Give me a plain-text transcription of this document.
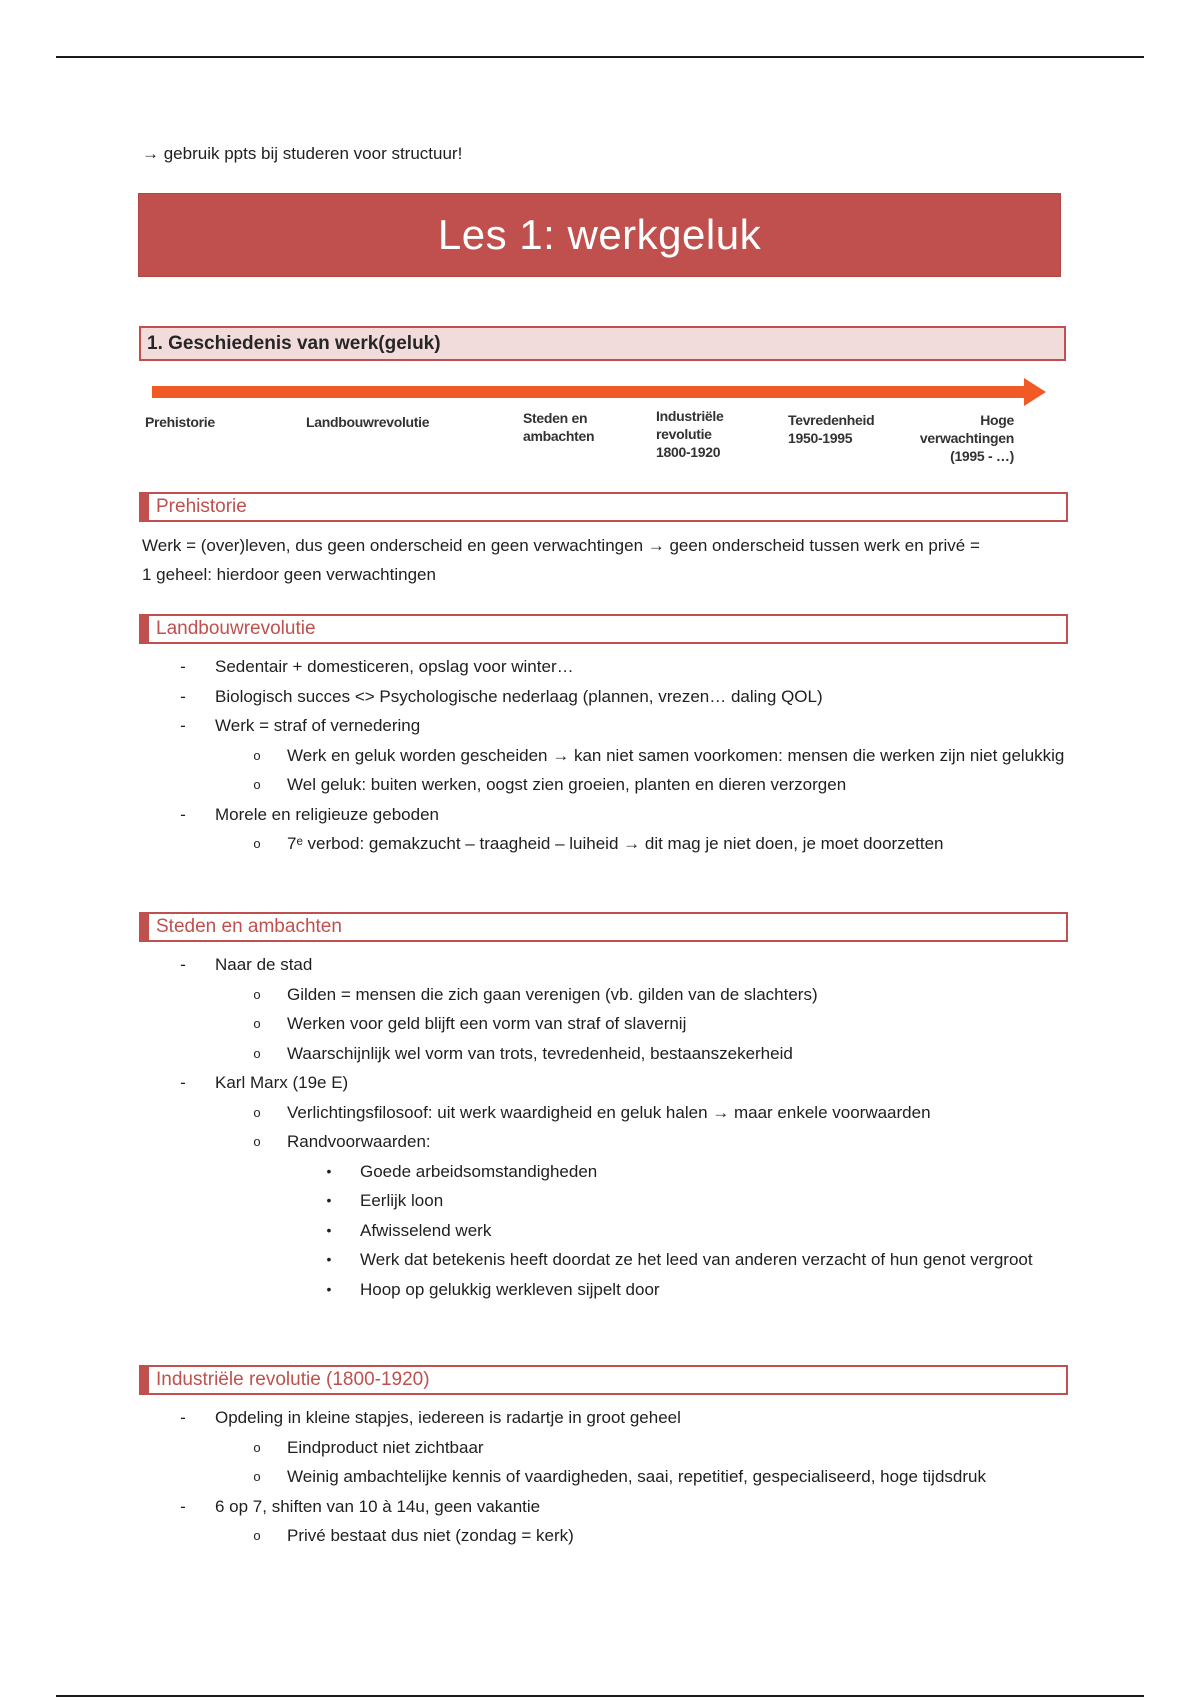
→ gebruik ppts bij studeren voor structuur!
Les 1: werkgeluk
1. Geschiedenis van werk(geluk)
Prehistorie	Landbouwrevolutie	Steden en
ambachten
Industriële
revolutie
1800-1920
Tevredenheid
1950-1995
Hoge
verwachtingen
(1995 - …)
Prehistorie
Werk = (over)leven, dus geen onderscheid en geen verwachtingen → geen onderscheid tussen werk en privé =
1 geheel: hierdoor geen verwachtingen
Landbouwrevolutie
-	Sedentair + domesticeren, opslag voor winter…
-	Biologisch succes <> Psychologische nederlaag (plannen, vrezen… daling QOL)
-	Werk = straf of vernedering
o	Werk en geluk worden gescheiden → kan niet samen voorkomen: mensen die werken zijn niet gelukkig
o	Wel geluk: buiten werken, oogst zien groeien, planten en dieren verzorgen
-	Morele en religieuze geboden
o	7ᵉ verbod: gemakzucht – traagheid – luiheid → dit mag je niet doen, je moet doorzetten
Steden en ambachten
-	Naar de stad
o	Gilden = mensen die zich gaan verenigen (vb. gilden van de slachters)
o	Werken voor geld blijft een vorm van straf of slavernij
o	Waarschijnlijk wel vorm van trots, tevredenheid, bestaanszekerheid
-	Karl Marx (19e E)
o	Verlichtingsfilosoof: uit werk waardigheid en geluk halen → maar enkele voorwaarden
o	Randvoorwaarden:
•	Goede arbeidsomstandigheden
•	Eerlijk loon
•	Afwisselend werk
•	Werk dat betekenis heeft doordat ze het leed van anderen verzacht of hun genot vergroot
•	Hoop op gelukkig werkleven sijpelt door
Industriële revolutie (1800-1920)
-	Opdeling in kleine stapjes, iedereen is radartje in groot geheel
o	Eindproduct niet zichtbaar
o	Weinig ambachtelijke kennis of vaardigheden, saai, repetitief, gespecialiseerd, hoge tijdsdruk
-	6 op 7, shiften van 10 à 14u, geen vakantie
o	Privé bestaat dus niet (zondag = kerk)
